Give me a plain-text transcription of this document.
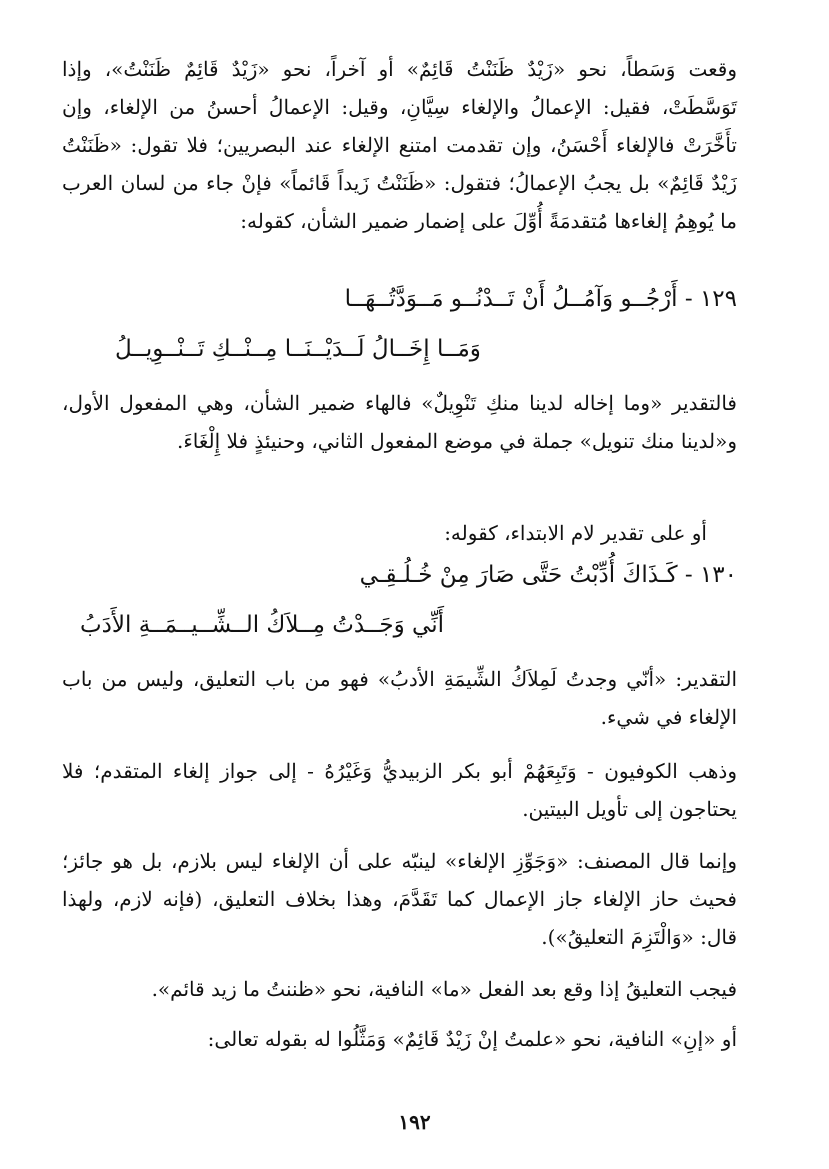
وقعت وَسَطاً، نحو «زَيْدٌ ظَنَنْتُ قَائِمٌ» أو آخراً، نحو «زَيْدٌ قَائِمٌ ظَنَنْتُ»، وإذا تَوَسَّطَتْ، فقيل: الإعمالُ والإلغاء سِيَّانِ، وقيل: الإعمالُ أحسنُ من الإلغاء، وإن تأَخَّرَتْ فالإلغاء أَحْسَنُ، وإن تقدمت امتنع الإلغاء عند البصريين؛ فلا تقول: «ظَنَنْتُ زَيْدٌ قَائِمٌ» بل يجبُ الإعمالُ؛ فتقول: «ظَنَنْتُ زَيداً قَائماً» فإنْ جاء من لسان العرب ما يُوهِمُ إلغاءها مُتقدمَةً أُوِّلَ على إضمار ضمير الشأن، كقوله:

١٢٩ - أَرْجُــو وَآمُــلُ أَنْ تَــدْنُــو مَــوَدَّتُــهَــا

وَمَــا إِخَــالُ لَــدَيْــنَــا مِــنْــكِ تَــنْــوِيــلُ

فالتقدير «وما إخاله لدينا منكِ تَنْوِيلٌ» فالهاء ضمير الشأن، وهي المفعول الأول، و«لدينا منك تنويل» جملة في موضع المفعول الثاني، وحنيئذٍ فلا إِلْغَاءَ.

أو على تقدير لام الابتداء، كقوله:

١٣٠ - كَـذَاكَ أُدِّبْتُ حَتَّى صَارَ مِنْ خُـلُـقِـي

أَنِّي وَجَــدْتُ مِــلاَكُ الــشِّــيــمَــةِ الأَدَبُ

التقدير: «أنّي وجدتُ لَمِلاَكُ الشِّيمَةِ الأدبُ» فهو من باب التعليق، وليس من باب الإلغاء في شيء.

وذهب الكوفيون - وَتَبِعَهُمْ أبو بكر الزبيديُّ وَغَيْرُهُ - إلى جواز إلغاء المتقدم؛ فلا يحتاجون إلى تأويل البيتين.

وإنما قال المصنف: «وَجَوِّزِ الإلغاء» لينبّه على أن الإلغاء ليس بلازم، بل هو جائز؛ فحيث حاز الإلغاء جاز الإعمال كما تَقَدَّمَ، وهذا بخلاف التعليق، (فإنه لازم، ولهذا قال: «وَالْتَزِمَ التعليقُ»).

فيجب التعليقُ إذا وقع بعد الفعل «ما» النافية، نحو «ظننتُ ما زيد قائم».

أو «إنِ» النافية، نحو «علمتُ إنْ زَيْدٌ قَائِمٌ» وَمَثَّلُوا له بقوله تعالى:

١٩٢
